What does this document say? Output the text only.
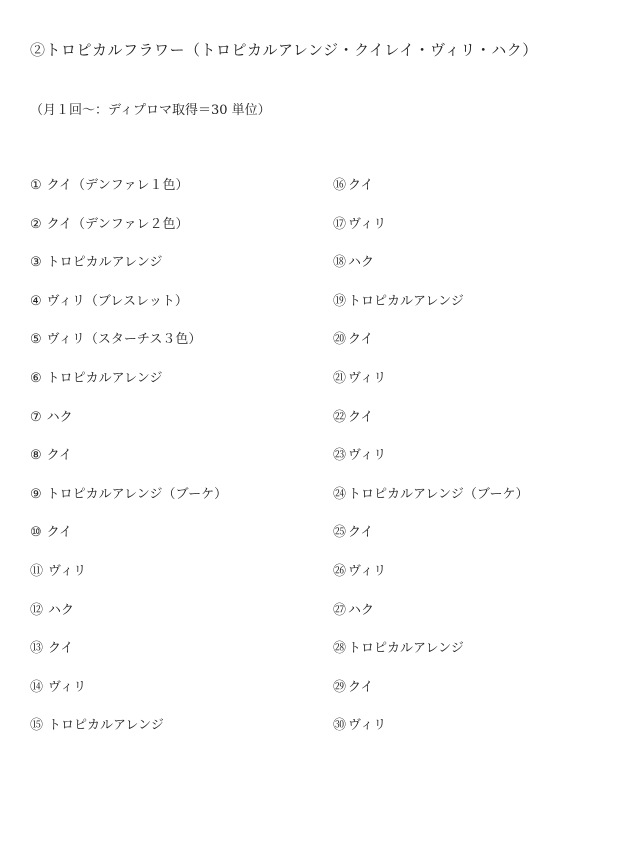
②トロピカルフラワー（トロピカルアレンジ・クイレイ・ヴィリ・ハク）
（月１回〜：ディプロマ取得＝30 単位）
① クイ（デンファレ１色）
② クイ（デンファレ２色）
③ トロピカルアレンジ
④ ヴィリ（ブレスレット）
⑤ ヴィリ（スターチス３色）
⑥ トロピカルアレンジ
⑦ ハク
⑧ クイ
⑨ トロピカルアレンジ（ブーケ）
⑩ クイ
⑪ ヴィリ
⑫ ハク
⑬ クイ
⑭ ヴィリ
⑮ トロピカルアレンジ
⑯ クイ
⑰ ヴィリ
⑱ ハク
⑲ トロピカルアレンジ
⑳ クイ
㉑ ヴィリ
㉒ クイ
㉓ ヴィリ
㉔ トロピカルアレンジ（ブーケ）
㉕ クイ
㉖ ヴィリ
㉗ ハク
㉘ トロピカルアレンジ
㉙ クイ
㉚ ヴィリ
